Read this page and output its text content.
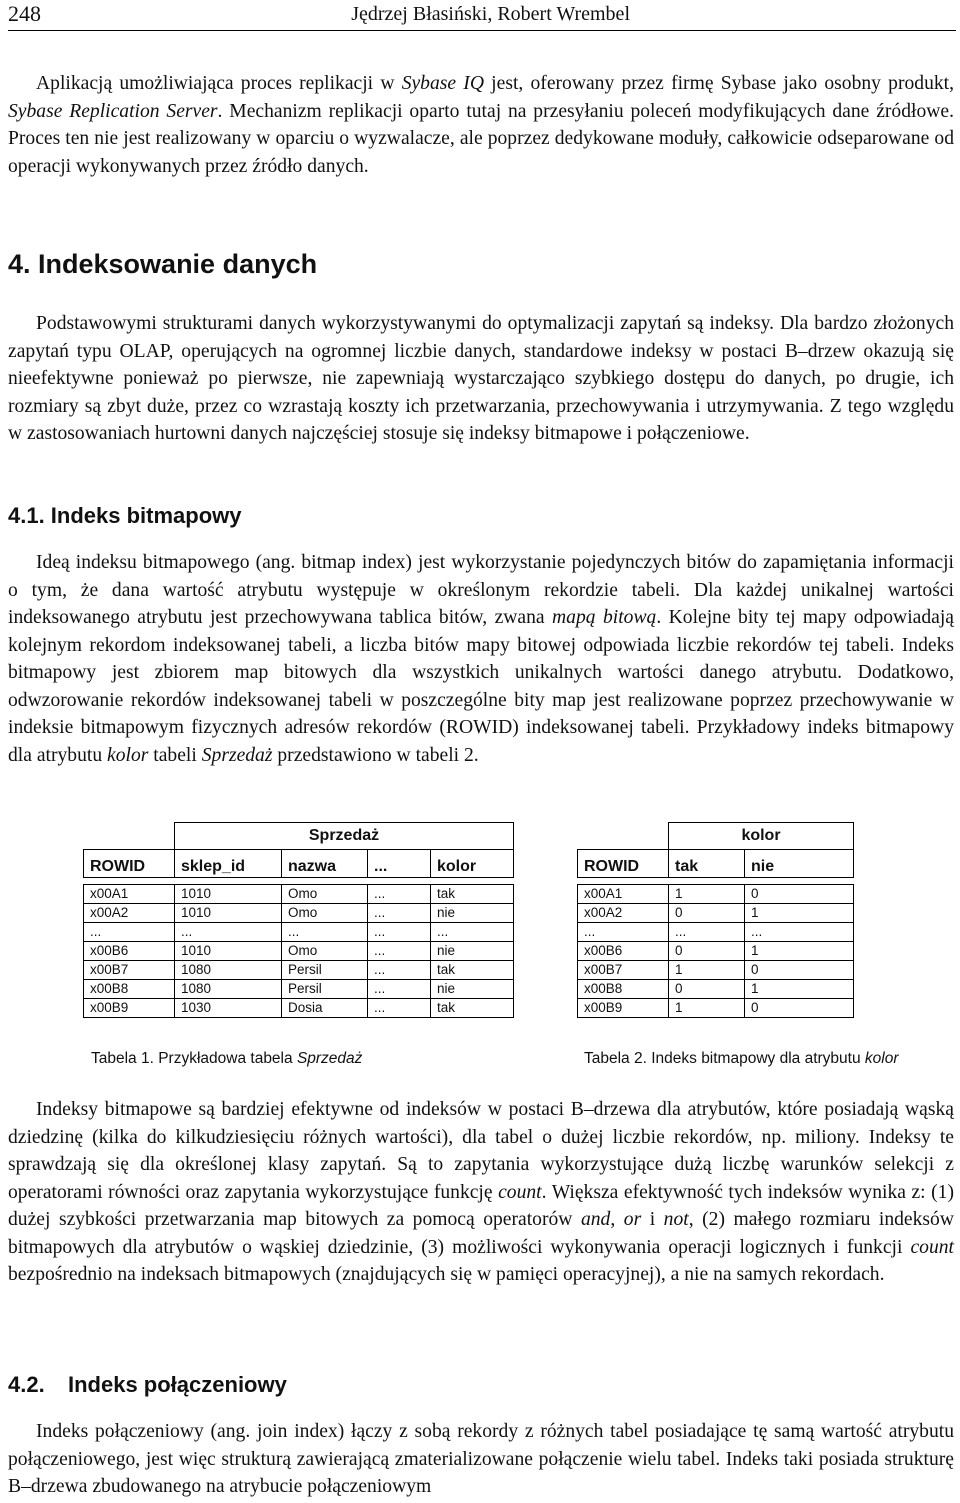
248	Jędrzej Błasiński, Robert Wrembel

Aplikacją umożliwiająca proces replikacji w Sybase IQ jest, oferowany przez firmę Sybase jako osobny produkt, Sybase Replication Server. Mechanizm replikacji oparto tutaj na przesyłaniu poleceń modyfikujących dane źródłowe. Proces ten nie jest realizowany w oparciu o wyzwalacze, ale poprzez dedykowane moduły, całkowicie odseparowane od operacji wykonywanych przez źródło danych.

4. Indeksowanie danych

Podstawowymi strukturami danych wykorzystywanymi do optymalizacji zapytań są indeksy. Dla bardzo złożonych zapytań typu OLAP, operujących na ogromnej liczbie danych, standardowe indeksy w postaci B–drzew okazują się nieefektywne ponieważ po pierwsze, nie zapewniają wystarczająco szybkiego dostępu do danych, po drugie, ich rozmiary są zbyt duże, przez co wzrastają koszty ich przetwarzania, przechowywania i utrzymywania. Z tego względu w zastosowaniach hurtowni danych najczęściej stosuje się indeksy bitmapowe i połączeniowe.

4.1. Indeks bitmapowy

Ideą indeksu bitmapowego (ang. bitmap index) jest wykorzystanie pojedynczych bitów do zapamiętania informacji o tym, że dana wartość atrybutu występuje w określonym rekordzie tabeli. Dla każdej unikalnej wartości indeksowanego atrybutu jest przechowywana tablica bitów, zwana mapą bitową. Kolejne bity tej mapy odpowiadają kolejnym rekordom indeksowanej tabeli, a liczba bitów mapy bitowej odpowiada liczbie rekordów tej tabeli. Indeks bitmapowy jest zbiorem map bitowych dla wszystkich unikalnych wartości danego atrybutu. Dodatkowo, odwzorowanie rekordów indeksowanej tabeli w poszczególne bity map jest realizowane poprzez przechowywanie w indeksie bitmapowym fizycznych adresów rekordów (ROWID) indeksowanej tabeli. Przykładowy indeks bitmapowy dla atrybutu kolor tabeli Sprzedaż przedstawiono w tabeli 2.

	Sprzedaż			
ROWID	sklep_id	nazwa	...	kolor

x00A1	1010	Omo	...	tak
x00A2	1010	Omo	...	nie
...	...	...	...	...
x00B6	1010	Omo	...	nie
x00B7	1080	Persil	...	tak
x00B8	1080	Persil	...	nie
x00B9	1030	Dosia	...	tak
	kolor	
ROWID	tak	nie

x00A1	1	0
x00A2	0	1
...	...	...
x00B6	0	1
x00B7	1	0
x00B8	0	1
x00B9	1	0
Tabela 1. Przykładowa tabela Sprzedaż	Tabela 2. Indeks bitmapowy dla atrybutu kolor

Indeksy bitmapowe są bardziej efektywne od indeksów w postaci B–drzewa dla atrybutów, które posiadają wąską dziedzinę (kilka do kilkudziesięciu różnych wartości), dla tabel o dużej liczbie rekordów, np. miliony. Indeksy te sprawdzają się dla określonej klasy zapytań. Są to zapytania wykorzystujące dużą liczbę warunków selekcji z operatorami równości oraz zapytania wykorzystujące funkcję count. Większa efektywność tych indeksów wynika z: (1) dużej szybkości przetwarzania map bitowych za pomocą operatorów and, or i not, (2) małego rozmiaru indeksów bitmapowych dla atrybutów o wąskiej dziedzinie, (3) możliwości wykonywania operacji logicznych i funkcji count bezpośrednio na indeksach bitmapowych (znajdujących się w pamięci operacyjnej), a nie na samych rekordach.

4.2. Indeks połączeniowy

Indeks połączeniowy (ang. join index) łączy z sobą rekordy z różnych tabel posiadające tę samą wartość atrybutu połączeniowego, jest więc strukturą zawierającą zmaterializowane połączenie wielu tabel. Indeks taki posiada strukturę B–drzewa zbudowanego na atrybucie połączeniowym
